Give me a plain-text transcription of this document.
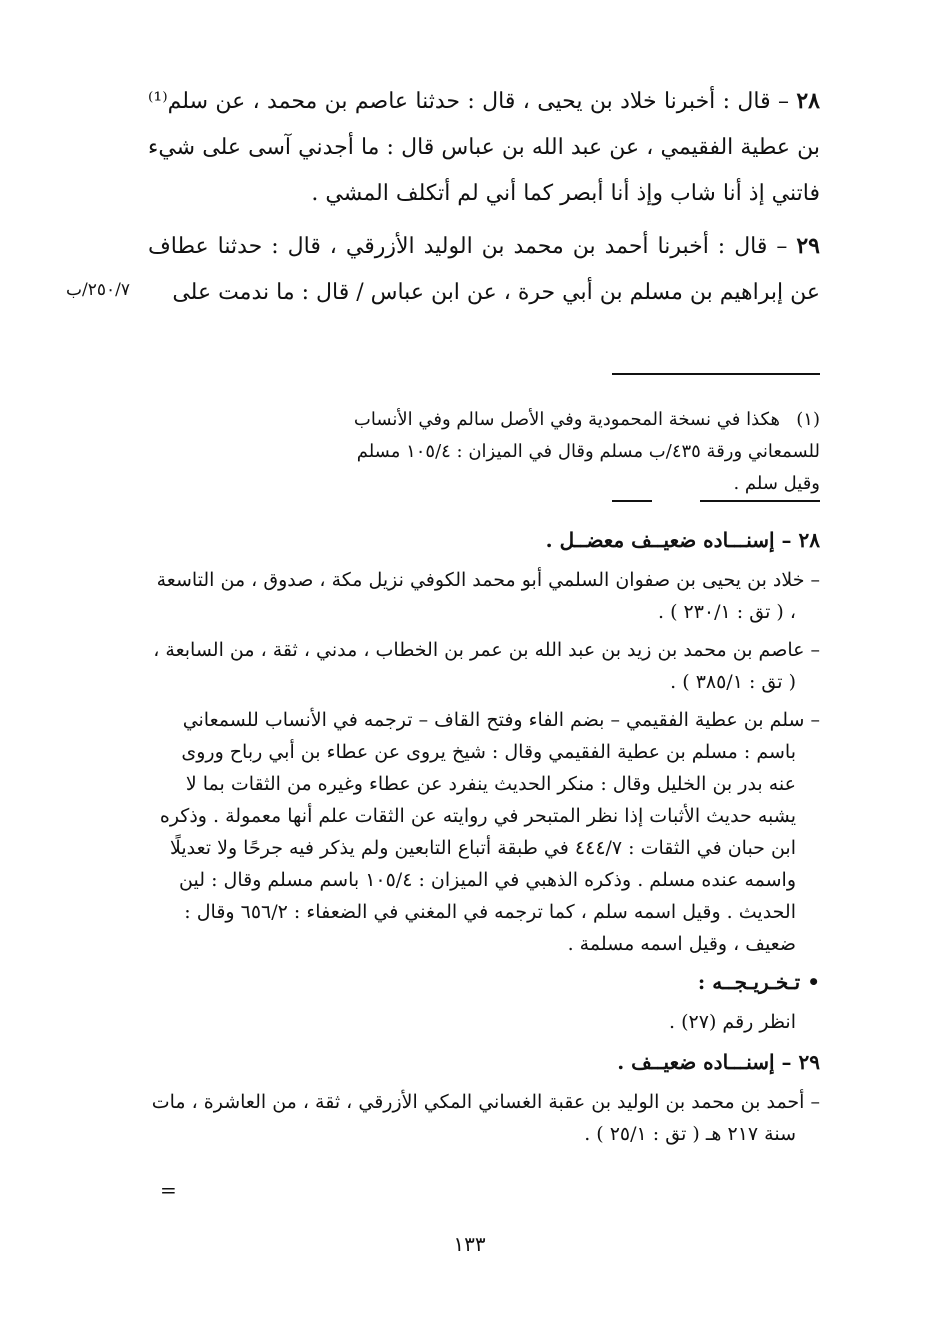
٢٨ – قال : أخبرنا خلاد بن يحيى ، قال : حدثنا عاصم بن محمد ، عن سلم⁽¹⁾ بن عطية الفقيمي ، عن عبد الله بن عباس قال : ما أجدني آسى على شيء فاتني إذ أنا شاب وإذ أنا أبصر كما أني لم أتكلف المشي .

٢٩ – قال : أخبرنا أحمد بن محمد بن الوليد الأزرقي ، قال : حدثنا عطاف عن إبراهيم بن مسلم بن أبي حرة ، عن ابن عباس / قال : ما ندمت على

٢٥٠/٧/ب
(١)هكذا في نسخة المحمودية وفي الأصل سالم وفي الأنساب للسمعاني ورقة ٤٣٥/ب مسلم وقال في الميزان : ١٠٥/٤ مسلم وقيل سلم .
٢٨ – إسنـــاده ضعيــف معضــل .
– خلاد بن يحيى بن صفوان السلمي أبو محمد الكوفي نزيل مكة ، صدوق ، من التاسعة ، ( تق : ٢٣٠/١ ) .
– عاصم بن محمد بن زيد بن عبد الله بن عمر بن الخطاب ، مدني ، ثقة ، من السابعة ، ( تق : ٣٨٥/١ ) .
– سلم بن عطية الفقيمي – بضم الفاء وفتح القاف – ترجمه في الأنساب للسمعاني باسم : مسلم بن عطية الفقيمي وقال : شيخ يروى عن عطاء بن أبي رباح وروى عنه بدر بن الخليل وقال : منكر الحديث ينفرد عن عطاء وغيره من الثقات بما لا يشبه حديث الأثبات إذا نظر المتبحر في روايته عن الثقات علم أنها معمولة . وذكره ابن حبان في الثقات : ٤٤٤/٧ في طبقة أتباع التابعين ولم يذكر فيه جرحًا ولا تعديلًا واسمه عنده مسلم . وذكره الذهبي في الميزان : ١٠٥/٤ باسم مسلم وقال : لين الحديث . وقيل اسمه سلم ، كما ترجمه في المغني في الضعفاء : ٦٥٦/٢ وقال : ضعيف ، وقيل اسمه مسلمة .
• تـخـريـجــه :
انظر رقم (٢٧) .
٢٩ – إسنـــاده ضعيــف .
– أحمد بن محمد بن الوليد بن عقبة الغساني المكي الأزرقي ، ثقة ، من العاشرة ، مات سنة ٢١٧ هـ ( تق : ٢٥/١ ) .
=
١٣٣
